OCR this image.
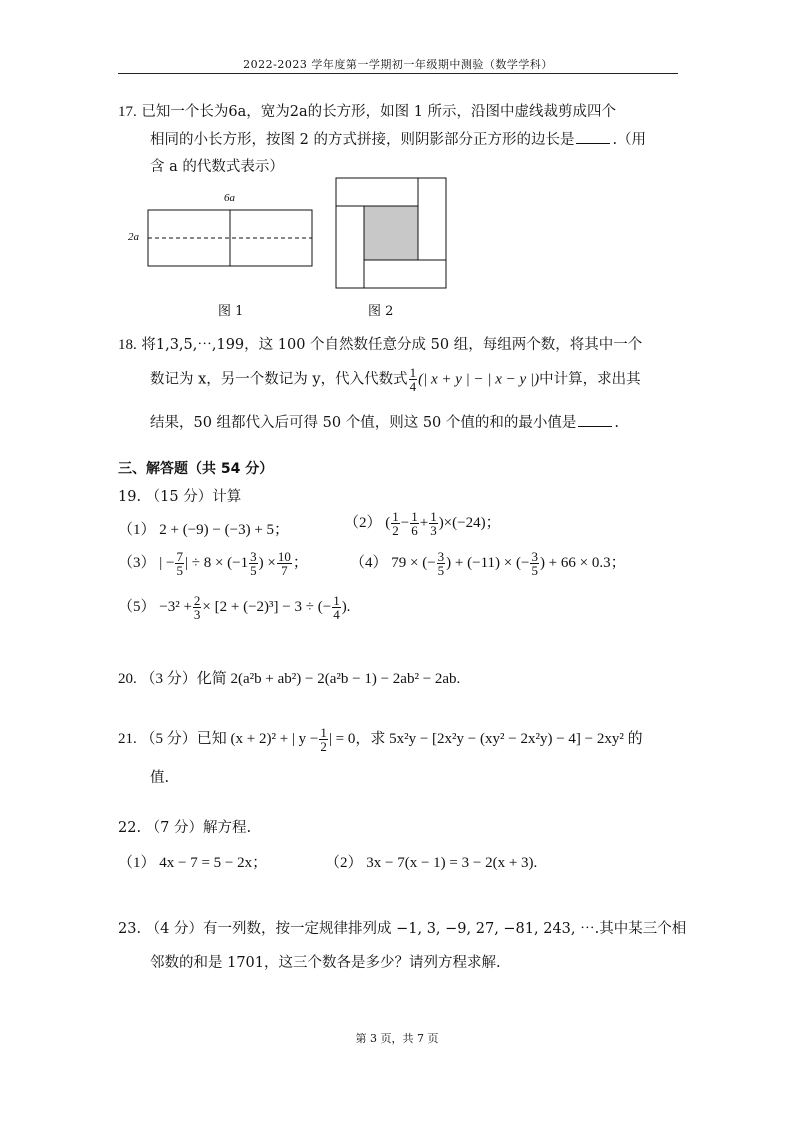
2022-2023 学年度第一学期初一年级期中测验（数学学科）
17. 已知一个长为6a，宽为2a的长方形，如图 1 所示，沿图中虚线裁剪成四个
相同的小长方形，按图 2 的方式拼接，则阴影部分正方形的边长是	.（用
含 a 的代数式表示）
6a
2a
图 1	图 2
18. 将1,3,5,⋯,199，这 100 个自然数任意分成 50 组，每组两个数，将其中一个
数记为 x，另一个数记为 y，代入代数式 $\frac{1}{4}$ (| x + y | − | x − y |)中计算，求出其
结果，50 组都代入后可得 50 个值，则这 50 个值的和的最小值是	.
三、解答题（共 54 分）
19. （15 分）计算
（1） 2 + (−9) − (−3) + 5；	（2） ( $\frac{1}{2} - \frac{1}{6} + \frac{1}{3} )\times(-24)$；
（3） | − $\frac{7}{5}$ | ÷ $8 \times (-1 \frac{3}{5}$ ) × $\frac{10}{7}$ ；	（4） 79 × (− $\frac{3}{5}$ ) + (−11) × (− $\frac{3}{5}$ ) + 66 × 0.3；
$(5) -3^2 + \frac{2}{3} \times [2 + (-2)^3] - 3$ ÷ (− $\frac{1}{4}$ ).
20. （3 分）化简 2(a²b + ab²) − 2(a²b − 1) − 2ab² − 2ab.
21. （5 分）已知 (x + 2)² + | $y - \frac{1}{2}$ | = 0，求 5x²y − [2x²y − (xy² − 2x²y) − 4] − 2xy² 的
值.
22. （7 分）解方程.
（1） 4x − 7 = 5 − 2x；	（2） 3x − 7(x − 1) = 3 − 2(x + 3).
23. （4 分）有一列数，按一定规律排列成 −1, 3, −9, 27, −81, 243, ⋯.其中某三个相
邻数的和是 1701，这三个数各是多少？请列方程求解.
第 3 页，共 7 页
